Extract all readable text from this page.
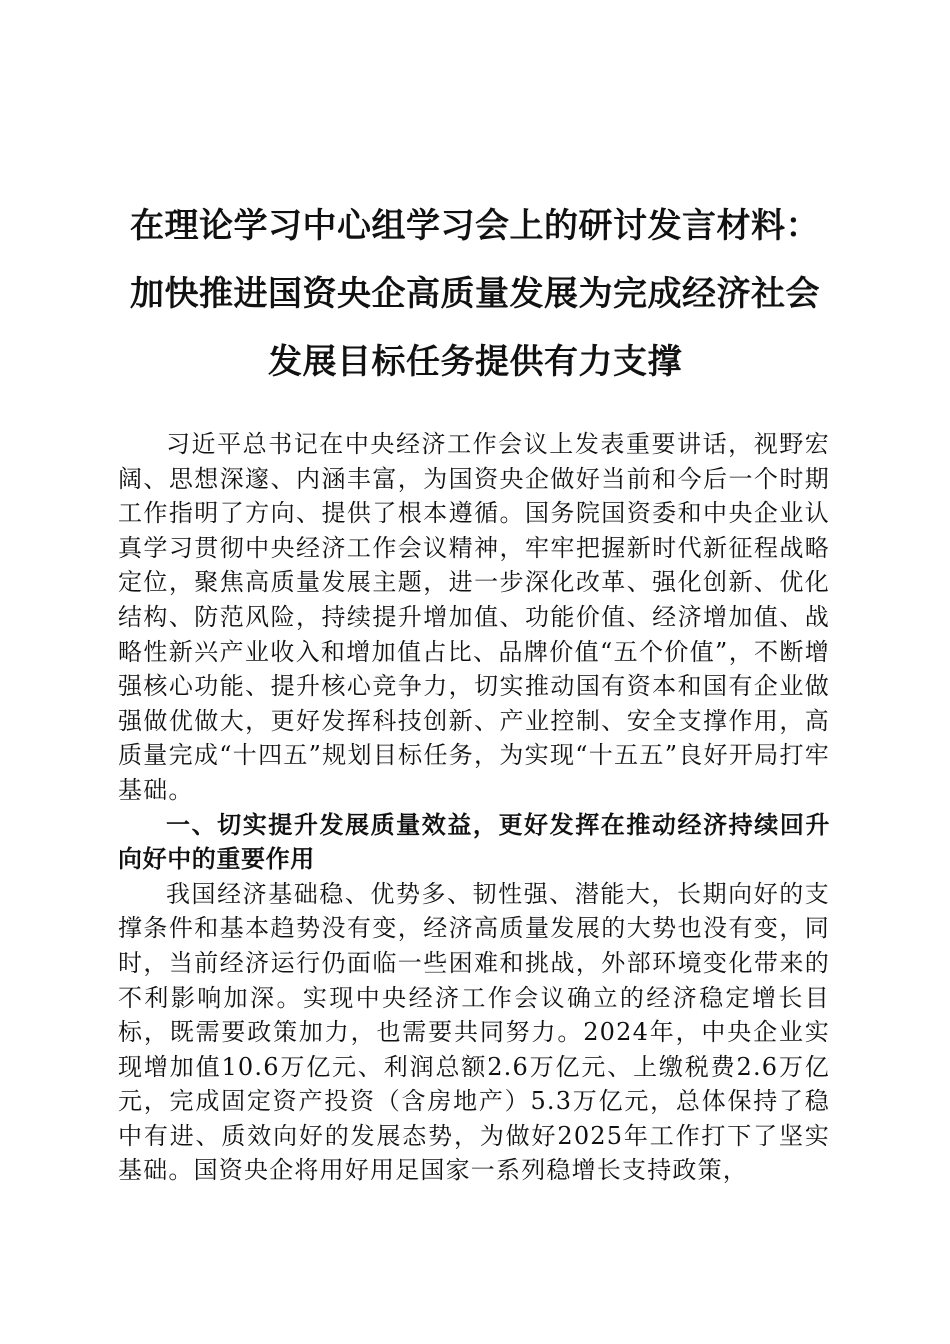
在理论学习中心组学习会上的研讨发言材料：
加快推进国资央企高质量发展为完成经济社会
发展目标任务提供有力支撑

习近平总书记在中央经济工作会议上发表重要讲话，视野宏阔、思想深邃、内涵丰富，为国资央企做好当前和今后一个时期工作指明了方向、提供了根本遵循。国务院国资委和中央企业认真学习贯彻中央经济工作会议精神，牢牢把握新时代新征程战略定位，聚焦高质量发展主题，进一步深化改革、强化创新、优化结构、防范风险，持续提升增加值、功能价值、经济增加值、战略性新兴产业收入和增加值占比、品牌价值“五个价值”，不断增强核心功能、提升核心竞争力，切实推动国有资本和国有企业做强做优做大，更好发挥科技创新、产业控制、安全支撑作用，高质量完成“十四五”规划目标任务，为实现“十五五”良好开局打牢基础。

一、切实提升发展质量效益，更好发挥在推动经济持续回升向好中的重要作用

我国经济基础稳、优势多、韧性强、潜能大，长期向好的支撑条件和基本趋势没有变，经济高质量发展的大势也没有变，同时，当前经济运行仍面临一些困难和挑战，外部环境变化带来的不利影响加深。实现中央经济工作会议确立的经济稳定增长目标，既需要政策加力，也需要共同努力。2024年，中央企业实现增加值10.6万亿元、利润总额2.6万亿元、上缴税费2.6万亿元，完成固定资产投资（含房地产）5.3万亿元，总体保持了稳中有进、质效向好的发展态势，为做好2025年工作打下了坚实基础。国资央企将用好用足国家一系列稳增长支持政策，
